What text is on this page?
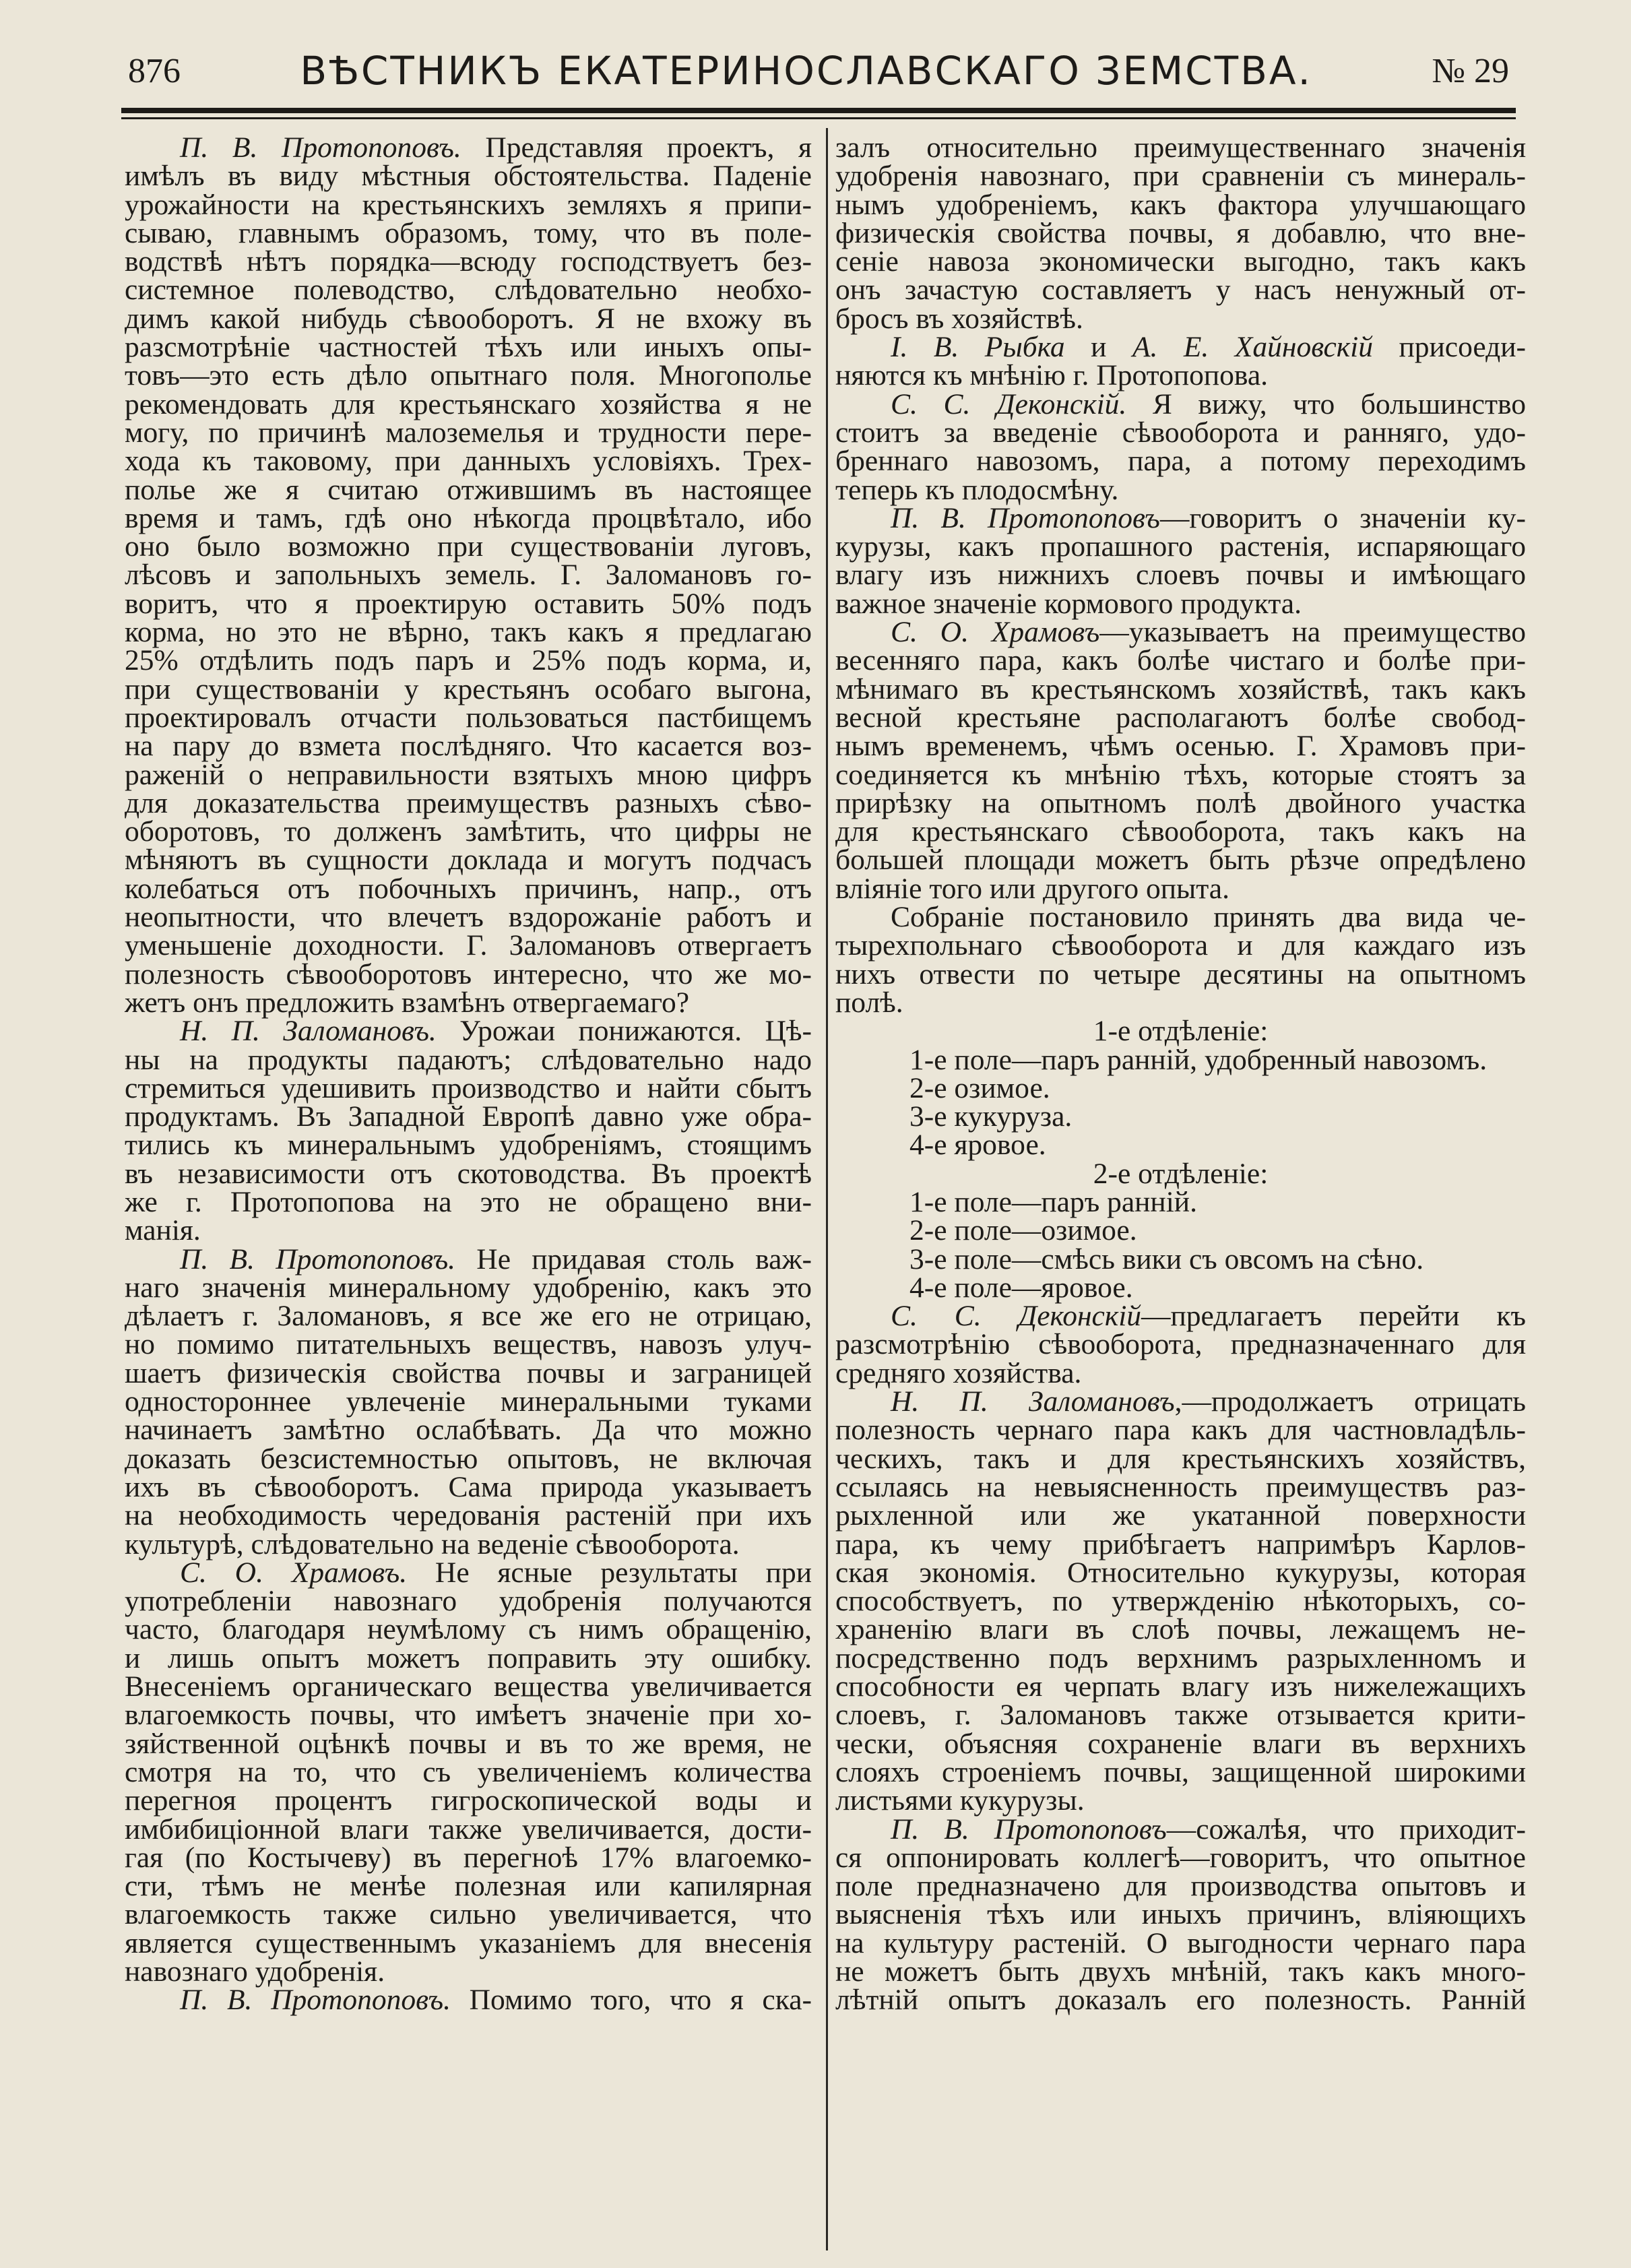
876	ВѢСТНИКЪ ЕКАТЕРИНОСЛАВСКАГО ЗЕМСТВА.	№ 29
П. В. Протопоповъ. Представляя проектъ, я
имѣлъ въ виду мѣстныя обстоятельства. Паденіе
урожайности на крестьянскихъ земляхъ я припи-
сываю, главнымъ образомъ, тому, что въ поле-
водствѣ нѣтъ порядка—всюду господствуетъ без-
системное полеводство, слѣдовательно необхо-
димъ какой нибудь сѣвооборотъ. Я не вхожу въ
разсмотрѣніе частностей тѣхъ или иныхъ опы-
товъ—это есть дѣло опытнаго поля. Многополье
рекомендовать для крестьянскаго хозяйства я не
могу, по причинѣ малоземелья и трудности пере-
хода къ таковому, при данныхъ условіяхъ. Трех-
полье же я считаю отжившимъ въ настоящее
время и тамъ, гдѣ оно нѣкогда процвѣтало, ибо
оно было возможно при существованіи луговъ,
лѣсовъ и запольныхъ земель. Г. Заломановъ го-
воритъ, что я проектирую оставить 50% подъ
корма, но это не вѣрно, такъ какъ я предлагаю
25% отдѣлить подъ паръ и 25% подъ корма, и,
при существованіи у крестьянъ особаго выгона,
проектировалъ отчасти пользоваться пастбищемъ
на пару до взмета послѣдняго. Что касается воз-
раженій о неправильности взятыхъ мною цифръ
для доказательства преимуществъ разныхъ сѣво-
оборотовъ, то долженъ замѣтить, что цифры не
мѣняютъ въ сущности доклада и могутъ подчасъ
колебаться отъ побочныхъ причинъ, напр., отъ
неопытности, что влечетъ вздорожаніе работъ и
уменьшеніе доходности. Г. Заломановъ отвергаетъ
полезность сѣвооборотовъ интересно, что же мо-
жетъ онъ предложить взамѣнъ отвергаемаго?
Н. П. Заломановъ. Урожаи понижаются. Цѣ-
ны на продукты падаютъ; слѣдовательно надо
стремиться удешивить производство и найти сбытъ
продуктамъ. Въ Западной Европѣ давно уже обра-
тились къ минеральнымъ удобреніямъ, стоящимъ
въ независимости отъ скотоводства. Въ проектѣ
же г. Протопопова на это не обращено вни-
манія.
П. В. Протопоповъ. Не придавая столь важ-
наго значенія минеральному удобренію, какъ это
дѣлаетъ г. Заломановъ, я все же его не отрицаю,
но помимо питательныхъ веществъ, навозъ улуч-
шаетъ физическія свойства почвы и заграницей
одностороннее увлеченіе минеральными туками
начинаетъ замѣтно ослабѣвать. Да что можно
доказать безсистемностью опытовъ, не включая
ихъ въ сѣвооборотъ. Сама природа указываетъ
на необходимость чередованія растеній при ихъ
культурѣ, слѣдовательно на веденіе сѣвооборота.
С. О. Храмовъ. Не ясные результаты при
употребленіи навознаго удобренія получаются
часто, благодаря неумѣлому съ нимъ обращенію,
и лишь опытъ можетъ поправить эту ошибку.
Внесеніемъ органическаго вещества увеличивается
влагоемкость почвы, что имѣетъ значеніе при хо-
зяйственной оцѣнкѣ почвы и въ то же время, не
смотря на то, что съ увеличеніемъ количества
перегноя процентъ гигроскопической воды и
имбибиціонной влаги также увеличивается, дости-
гая (по Костычеву) въ перегноѣ 17% влагоемко-
сти, тѣмъ не менѣе полезная или капилярная
влагоемкость также сильно увеличивается, что
является существеннымъ указаніемъ для внесенія
навознаго удобренія.
П. В. Протопоповъ. Помимо того, что я ска-
залъ относительно преимущественнаго значенія
удобренія навознаго, при сравненіи съ минераль-
нымъ удобреніемъ, какъ фактора улучшающаго
физическія свойства почвы, я добавлю, что вне-
сеніе навоза экономически выгодно, такъ какъ
онъ зачастую составляетъ у насъ ненужный от-
бросъ въ хозяйствѣ.
I. В. Рыбка и А. Е. Хайновскій присоеди-
няются къ мнѣнію г. Протопопова.
С. С. Деконскій. Я вижу, что большинство
стоитъ за введеніе сѣвооборота и ранняго, удо-
бреннаго навозомъ, пара, а потому переходимъ
теперь къ плодосмѣну.
П. В. Протопоповъ—говоритъ о значеніи ку-
курузы, какъ пропашного растенія, испаряющаго
влагу изъ нижнихъ слоевъ почвы и имѣющаго
важное значеніе кормового продукта.
С. О. Храмовъ—указываетъ на преимущество
весенняго пара, какъ болѣе чистаго и болѣе при-
мѣнимаго въ крестьянскомъ хозяйствѣ, такъ какъ
весной крестьяне располагаютъ болѣе свобод-
нымъ временемъ, чѣмъ осенью. Г. Храмовъ при-
соединяется къ мнѣнію тѣхъ, которые стоятъ за
прирѣзку на опытномъ полѣ двойного участка
для крестьянскаго сѣвооборота, такъ какъ на
большей площади можетъ быть рѣзче опредѣлено
вліяніе того или другого опыта.
Собраніе постановило принять два вида че-
тырехпольнаго сѣвооборота и для каждаго изъ
нихъ отвести по четыре десятины на опытномъ
полѣ.
1-е отдѣленіе:
1-е поле—паръ ранній, удобренный навозомъ.
2-е озимое.
3-е кукуруза.
4-е яровое.
2-е отдѣленіе:
1-е поле—паръ ранній.
2-е поле—озимое.
3-е поле—смѣсь вики съ овсомъ на сѣно.
4-е поле—яровое.
С. С. Деконскій—предлагаетъ перейти къ
разсмотрѣнію сѣвооборота, предназначеннаго для
средняго хозяйства.
Н. П. Заломановъ,—продолжаетъ отрицать
полезность чернаго пара какъ для частновладѣль-
ческихъ, такъ и для крестьянскихъ хозяйствъ,
ссылаясь на невыясненность преимуществъ раз-
рыхленной или же укатанной поверхности
пара, къ чему прибѣгаетъ напримѣръ Карлов-
ская экономія. Относительно кукурузы, которая
способствуетъ, по утвержденію нѣкоторыхъ, со-
храненію влаги въ слоѣ почвы, лежащемъ не-
посредственно подъ верхнимъ разрыхленномъ и
способности ея черпать влагу изъ нижележащихъ
слоевъ, г. Заломановъ также отзывается крити-
чески, объясняя сохраненіе влаги въ верхнихъ
слояхъ строеніемъ почвы, защищенной широкими
листьями кукурузы.
П. В. Протопоповъ—сожалѣя, что приходит-
ся оппонировать коллегѣ—говоритъ, что опытное
поле предназначено для производства опытовъ и
выясненія тѣхъ или иныхъ причинъ, вліяющихъ
на культуру растеній. О выгодности чернаго пара
не можетъ быть двухъ мнѣній, такъ какъ много-
лѣтній опытъ доказалъ его полезность. Ранній
